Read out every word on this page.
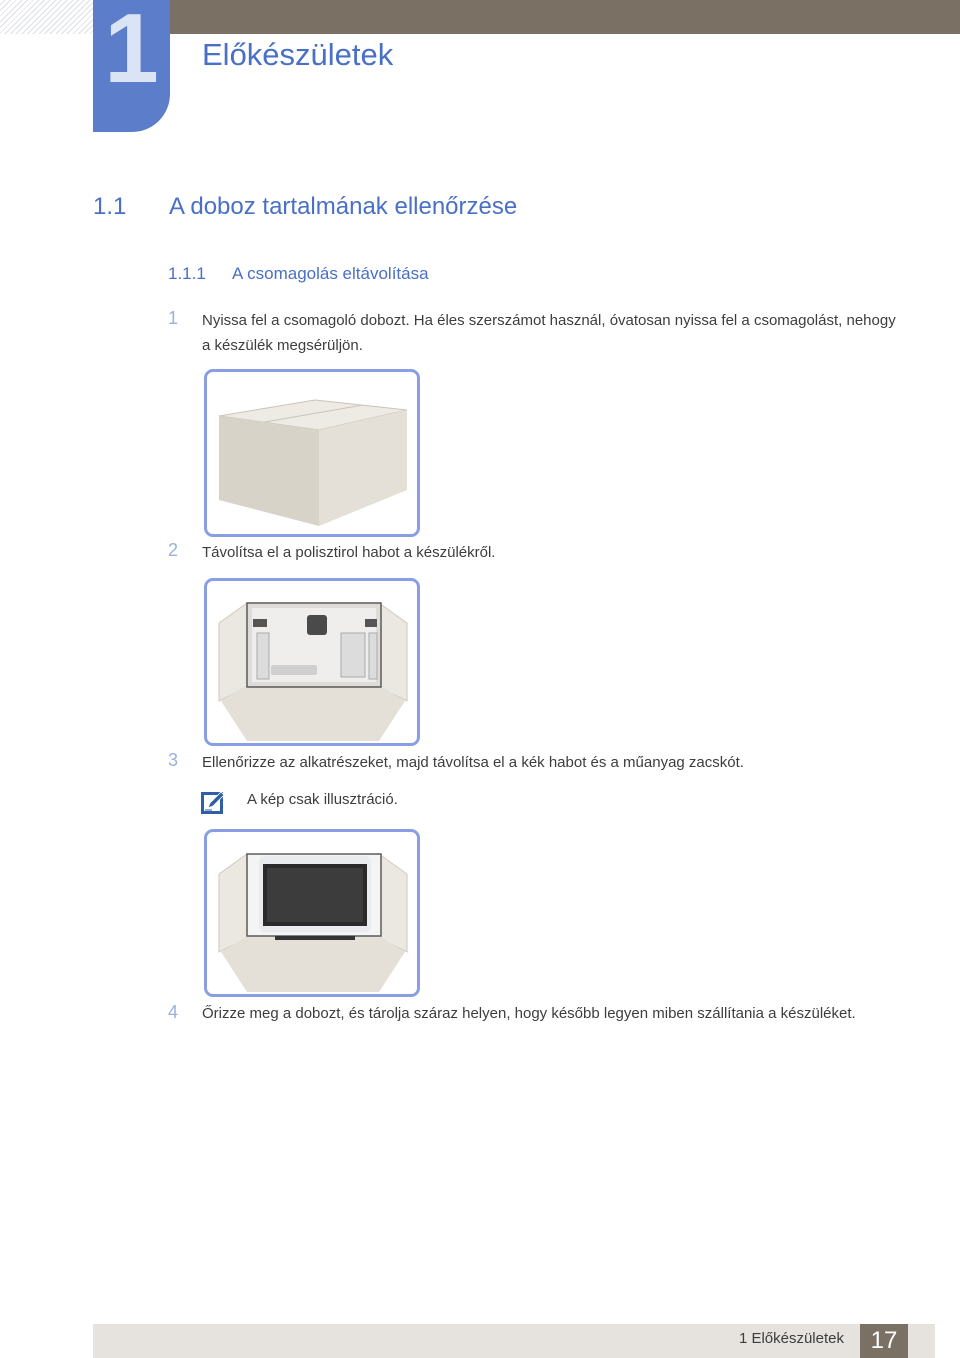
1	Előkészületek
1.1 A doboz tartalmának ellenőrzése
1.1.1 A csomagolás eltávolítása
1 Nyissa fel a csomagoló dobozt. Ha éles szerszámot használ, óvatosan nyissa fel a csomagolást, nehogy a készülék megsérüljön.
2 Távolítsa el a polisztirol habot a készülékről.
3 Ellenőrizze az alkatrészeket, majd távolítsa el a kék habot és a műanyag zacskót.
A kép csak illusztráció.
4 Őrizze meg a dobozt, és tárolja száraz helyen, hogy később legyen miben szállítania a készüléket.
1 Előkészületek	17
